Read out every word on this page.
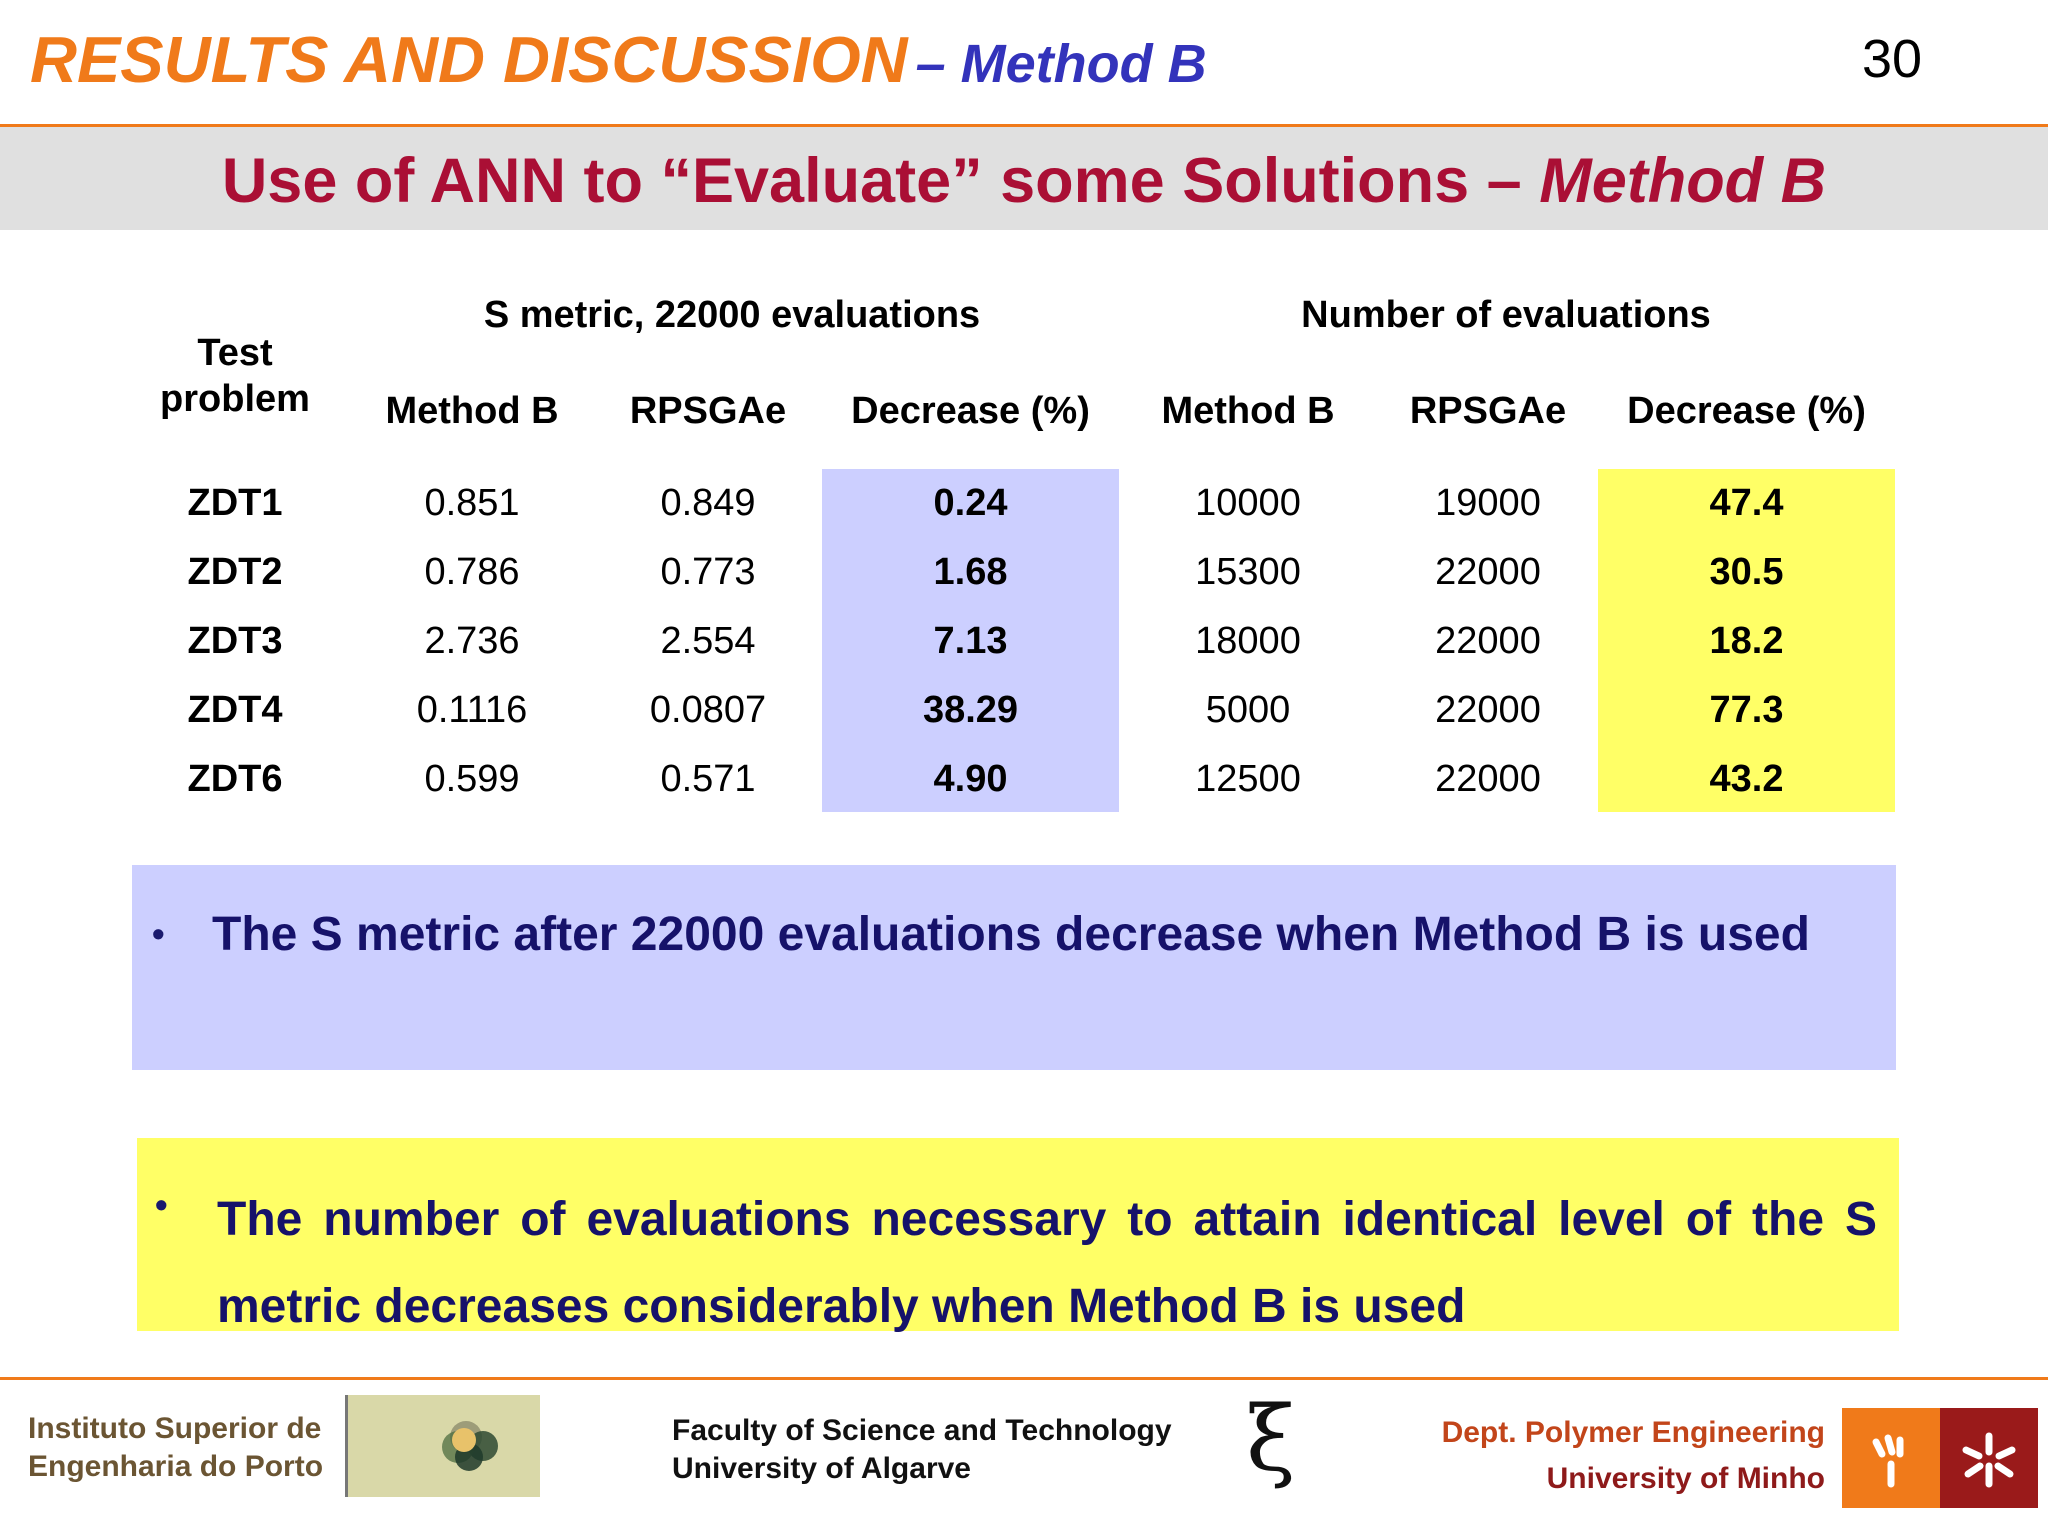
RESULTS AND DISCUSSION – Method B	30
Use of ANN to “Evaluate” some Solutions – Method B
Test problem
S metric, 22000 evaluations	Number of evaluations
Method B	RPSGAe	Decrease (%)	Method B	RPSGAe	Decrease (%)
ZDT1	0.851	0.849	0.24	10000	19000	47.4
ZDT2	0.786	0.773	1.68	15300	22000	30.5
ZDT3	2.736	2.554	7.13	18000	22000	18.2
ZDT4	0.1116	0.0807	38.29	5000	22000	77.3
ZDT6	0.599	0.571	4.90	12500	22000	43.2
• The S metric after 22000 evaluations decrease when Method B is used
• The number of evaluations necessary to attain identical level of the S metric decreases considerably when Method B is used
Instituto Superior de
Engenharia do Porto
Faculty of Science and Technology
University of Algarve	ξ	Dept. Polymer Engineering
University of Minho
